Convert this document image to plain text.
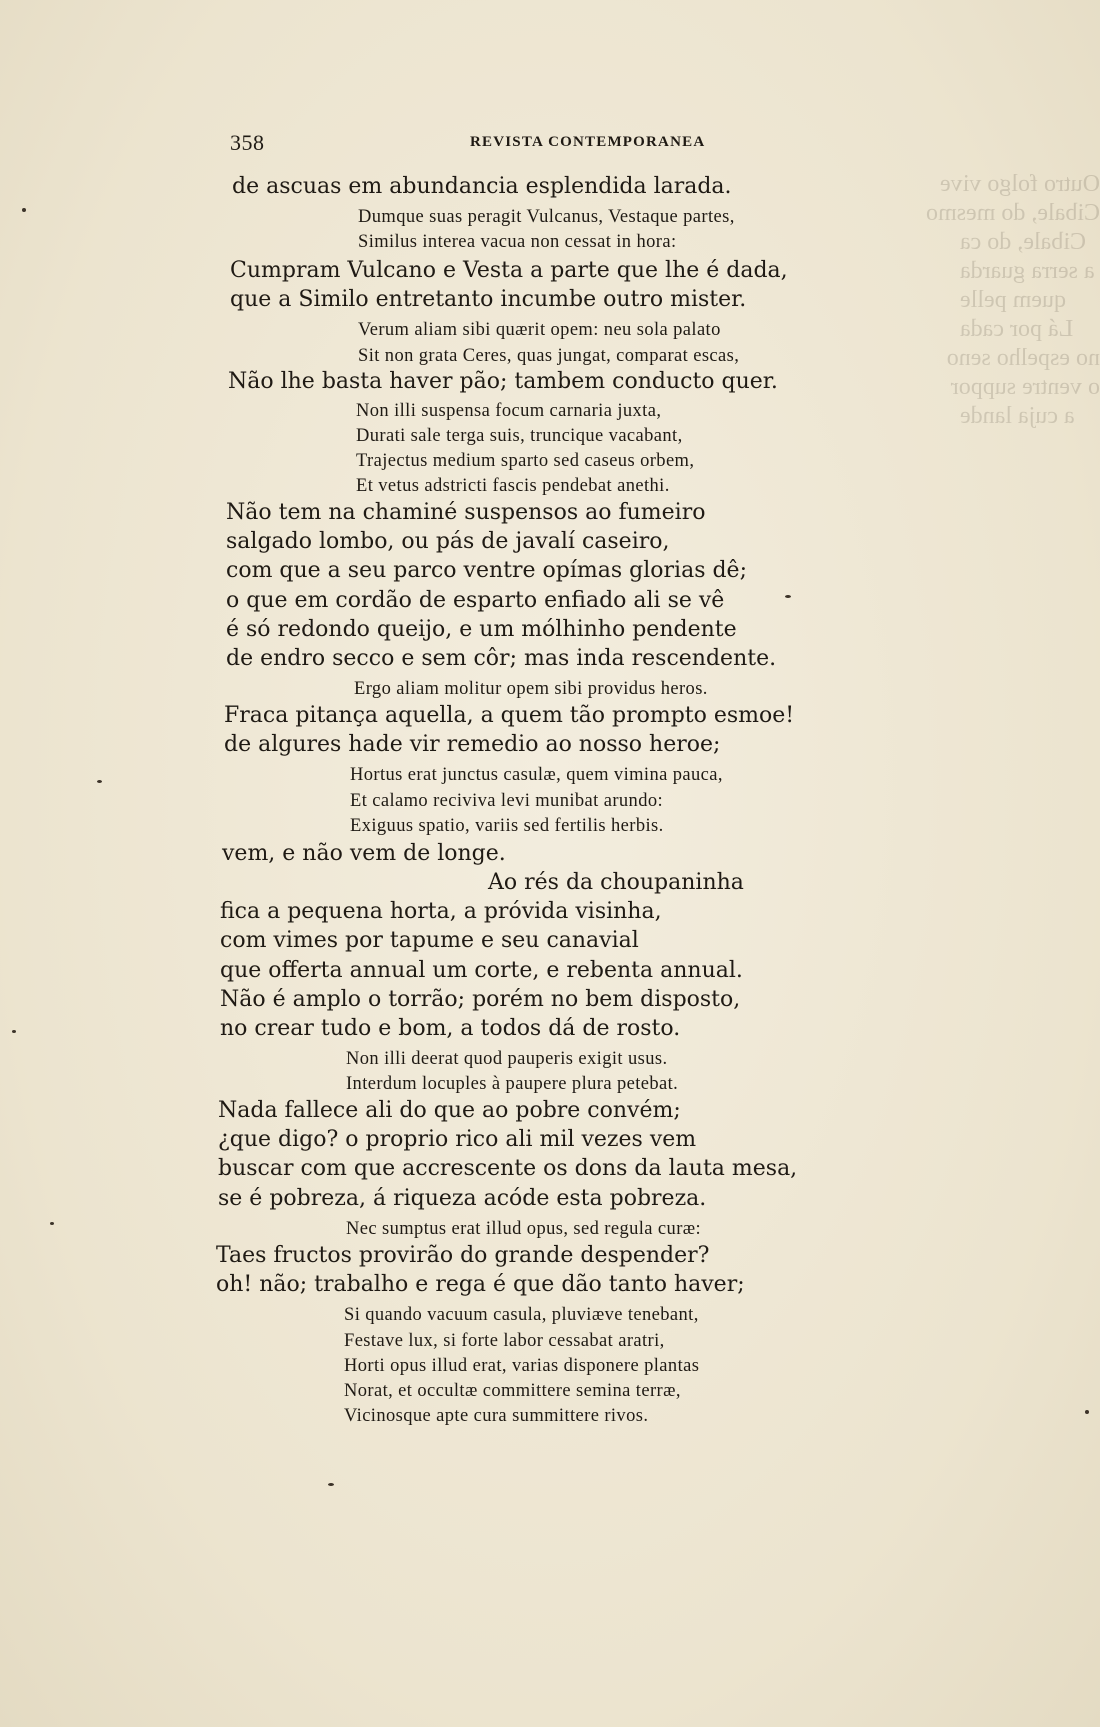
Outro folgo vive
Cibale, do mesmo
Cibale, do ca
a serra guarda
quem pelle
Lá por cada
no espelho seno
o ventre suppor
a cuja lande
358	REVISTA CONTEMPORANEA
de ascuas em abundancia esplendida larada.
Dumque suas peragit Vulcanus, Vestaque partes,
Similus interea vacua non cessat in hora:
Cumpram Vulcano e Vesta a parte que lhe é dada,
que a Similo entretanto incumbe outro mister.
Verum aliam sibi quærit opem: neu sola palato
Sit non grata Ceres, quas jungat, comparat escas,
Não lhe basta haver pão; tambem conducto quer.
Non illi suspensa focum carnaria juxta,
Durati sale terga suis, truncique vacabant,
Trajectus medium sparto sed caseus orbem,
Et vetus adstricti fascis pendebat anethi.
Não tem na chaminé suspensos ao fumeiro
salgado lombo, ou pás de javalí caseiro,
com que a seu parco ventre opímas glorias dê;
o que em cordão de esparto enfiado ali se vê
é só redondo queijo, e um mólhinho pendente
de endro secco e sem côr; mas inda rescendente.
Ergo aliam molitur opem sibi providus heros.
Fraca pitança aquella, a quem tão prompto esmoe!
de algures hade vir remedio ao nosso heroe;
Hortus erat junctus casulæ, quem vimina pauca,
Et calamo reciviva levi munibat arundo:
Exiguus spatio, variis sed fertilis herbis.
vem, e não vem de longe.
Ao rés da choupaninha
fica a pequena horta, a próvida visinha,
com vimes por tapume e seu canavial
que offerta annual um corte, e rebenta annual.
Não é amplo o torrão; porém no bem disposto,
no crear tudo e bom, a todos dá de rosto.
Non illi deerat quod pauperis exigit usus.
Interdum locuples à paupere plura petebat.
Nada fallece ali do que ao pobre convém;
¿que digo? o proprio rico ali mil vezes vem
buscar com que accrescente os dons da lauta mesa,
se é pobreza, á riqueza acóde esta pobreza.
Nec sumptus erat illud opus, sed regula curæ:
Taes fructos provirão do grande despender?
oh! não; trabalho e rega é que dão tanto haver;
Si quando vacuum casula, pluviæve tenebant,
Festave lux, si forte labor cessabat aratri,
Horti opus illud erat, varias disponere plantas
Norat, et occultæ committere semina terræ,
Vicinosque apte cura summittere rivos.
